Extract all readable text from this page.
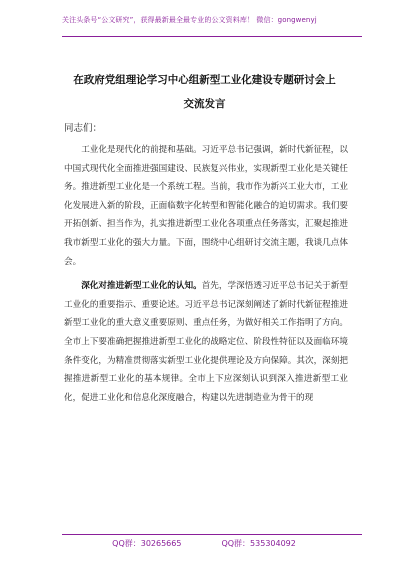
关注头条号“公文研究”，获得最新最全最专业的公文资料库！ 微信：gongwenyj
在政府党组理论学习中心组新型工业化建设专题研讨会上
交流发言
同志们：

工业化是现代化的前提和基础。习近平总书记强调，新时代新征程，以中国式现代化全面推进强国建设、民族复兴伟业，实现新型工业化是关键任务。推进新型工业化是一个系统工程。当前，我市作为新兴工业大市，工业化发展进入新的阶段，正面临数字化转型和智能化融合的迫切需求。我们要开拓创新、担当作为，扎实推进新型工业化各项重点任务落实，汇聚起推进我市新型工业化的强大力量。下面，围绕中心组研讨交流主题，我谈几点体会。

深化对推进新型工业化的认知。首先，学深悟透习近平总书记关于新型工业化的重要指示、重要论述。习近平总书记深刻阐述了新时代新征程推进新型工业化的重大意义重要原则、重点任务，为做好相关工作指明了方向。全市上下要准确把握推进新型工业化的战略定位、阶段性特征以及面临环境条件变化，为精准贯彻落实新型工业化提供理论及方向保障。其次，深刻把握推进新型工业化的基本规律。全市上下应深刻认识到深入推进新型工业化，促进工业化和信息化深度融合，构建以先进制造业为骨干的现

QQ群：30265665	QQ群：535304092
